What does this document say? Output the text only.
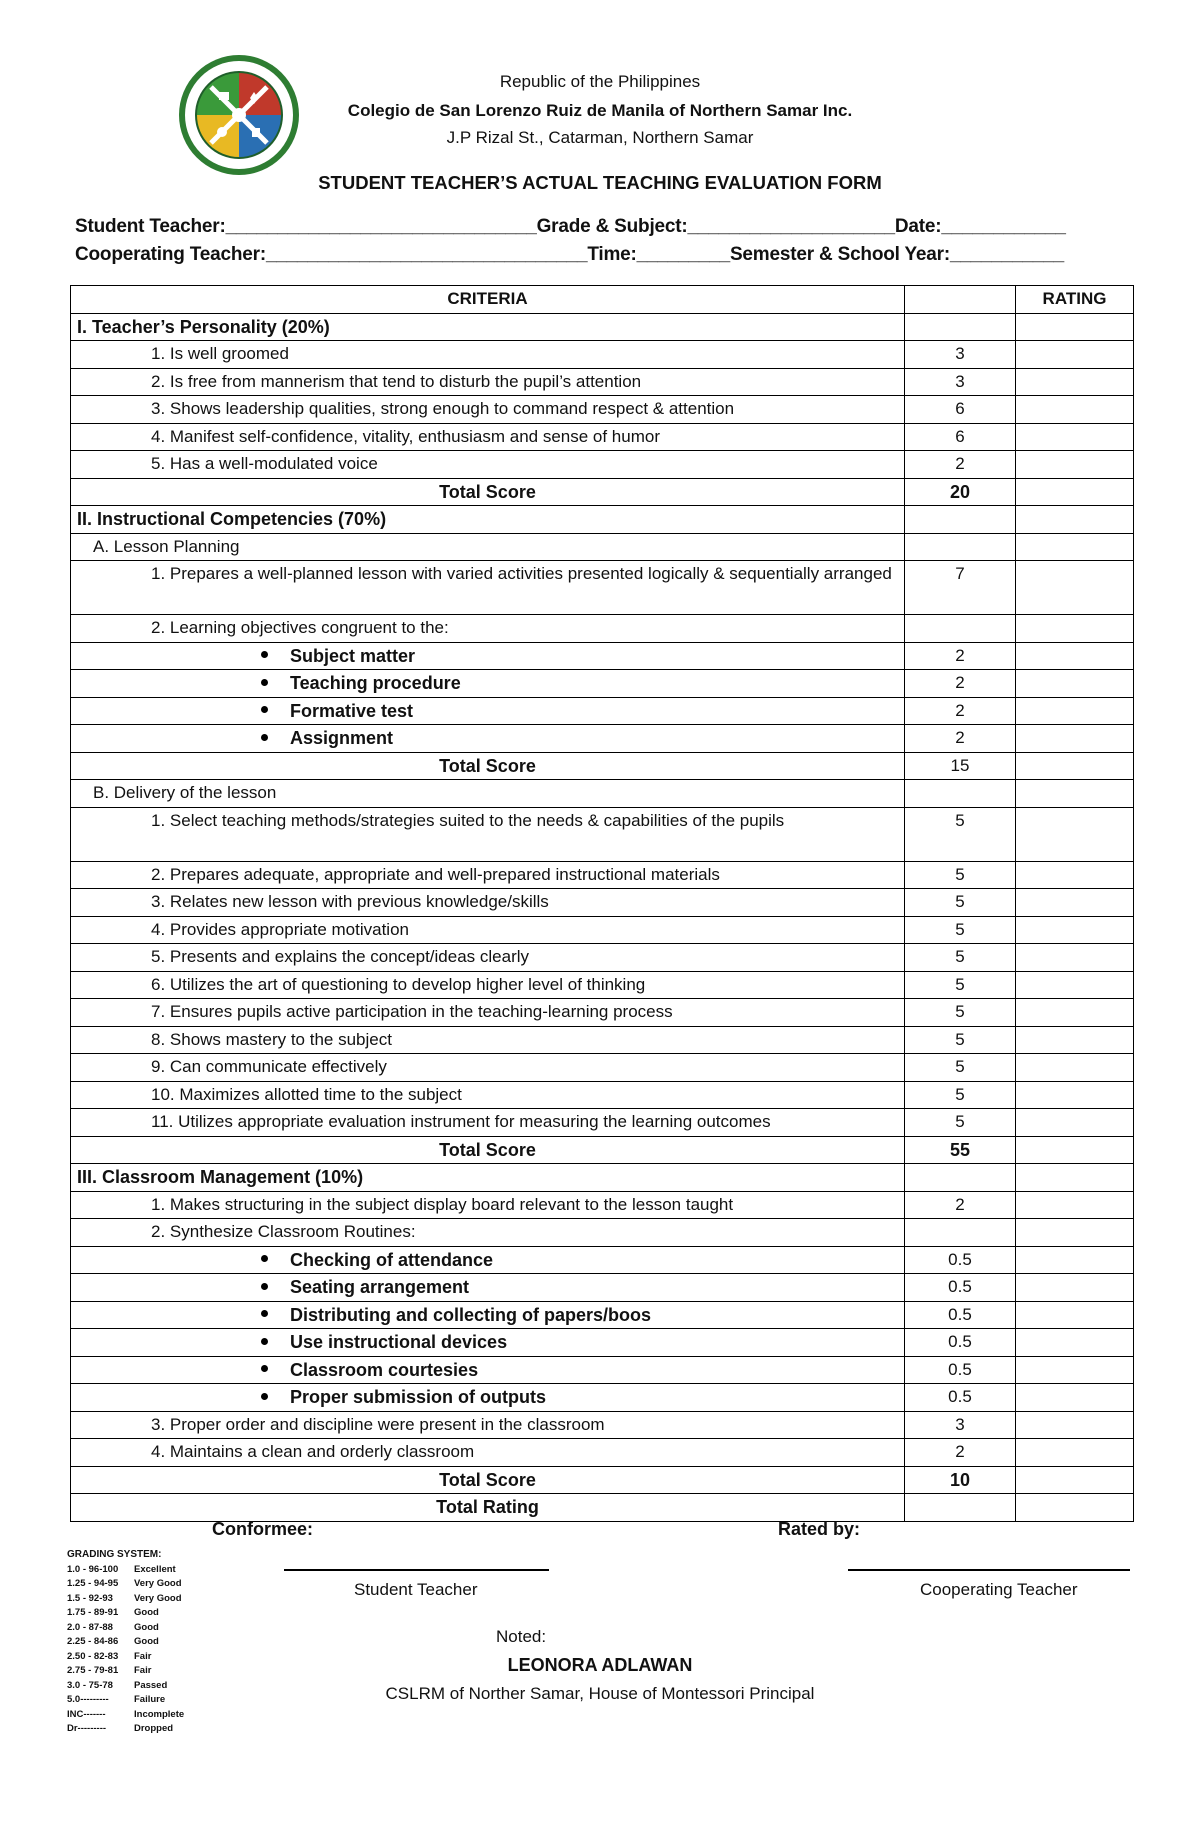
Republic of the Philippines
Colegio de San Lorenzo Ruiz de Manila of Northern Samar Inc.
J.P Rizal St., Catarman, Northern Samar
STUDENT TEACHER’S ACTUAL TEACHING EVALUATION FORM
Student Teacher:______________________________Grade & Subject:____________________Date:____________
Cooperating Teacher:_______________________________Time:_________Semester & School Year:___________
CRITERIA		RATING
I. Teacher’s Personality (20%)		
1. Is well groomed	3	
2. Is free from mannerism that tend to disturb the pupil’s attention	3	
3. Shows leadership qualities, strong enough to command respect & attention	6	
4. Manifest self-confidence, vitality, enthusiasm and sense of humor	6	
5. Has a well-modulated voice	2	
Total Score	20	
II. Instructional Competencies (70%)		
A. Lesson Planning		
1. Prepares a well-planned lesson with varied activities presented logically & sequentially arranged	7	
2. Learning objectives congruent to the:		
Subject matter	2	
Teaching procedure	2	
Formative test	2	
Assignment	2	
Total Score	15	
B. Delivery of the lesson		
1. Select teaching methods/strategies suited to the needs & capabilities of the pupils	5	
2. Prepares adequate, appropriate and well-prepared instructional materials	5	
3. Relates new lesson with previous knowledge/skills	5	
4. Provides appropriate motivation	5	
5. Presents and explains the concept/ideas clearly	5	
6. Utilizes the art of questioning to develop higher level of thinking	5	
7. Ensures pupils active participation in the teaching-learning process	5	
8. Shows mastery to the subject	5	
9. Can communicate effectively	5	
10. Maximizes allotted time to the subject	5	
11. Utilizes appropriate evaluation instrument for measuring the learning outcomes	5	
Total Score	55	
III. Classroom Management (10%)		
1. Makes structuring in the subject display board relevant to the lesson taught	2	
2. Synthesize Classroom Routines:		
Checking of attendance	0.5	
Seating arrangement	0.5	
Distributing and collecting of papers/boos	0.5	
Use instructional devices	0.5	
Classroom courtesies	0.5	
Proper submission of outputs	0.5	
3. Proper order and discipline were present in the classroom	3	
4. Maintains a clean and orderly classroom	2	
Total Score	10	
Total Rating		
Conformee:	Rated by:
Student Teacher	Cooperating Teacher
Noted:
LEONORA ADLAWAN
CSLRM of Norther Samar, House of Montessori Principal
GRADING SYSTEM:
1.0 - 96-100 Excellent
1.25 - 94-95 Very Good
1.5 - 92-93 Very Good
1.75 - 89-91 Good
2.0 - 87-88 Good
2.25 - 84-86 Good
2.50 - 82-83 Fair
2.75 - 79-81 Fair
3.0 - 75-78 Passed
5.0---------	Failure
INC-------	Incomplete
Dr---------	Dropped
